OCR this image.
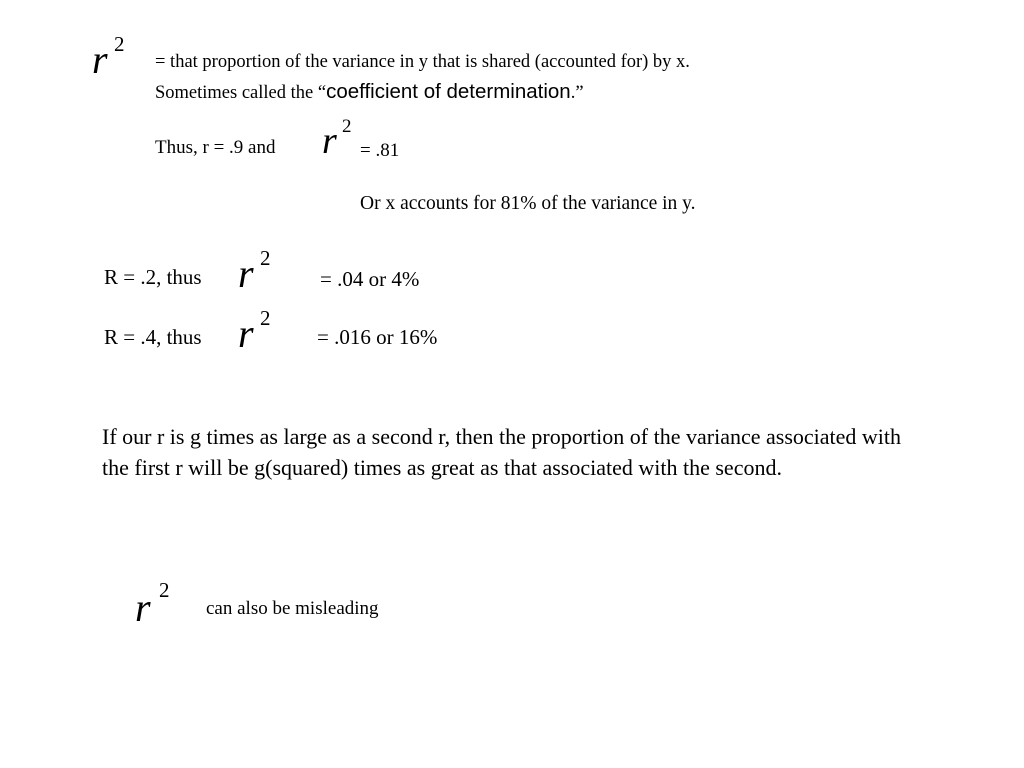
r 2
= that proportion of the variance in y that is shared (accounted for) by x.
Sometimes called the “coefficient of determination.”
Thus, r = .9 and r 2
= .81
Or x accounts for 81% of the variance in y.
R = .2, thus r 2
= .04 or 4%
R = .4, thus r 2
= .016 or 16%
If our r is g times as large as a second r, then the proportion of the variance associated with the first r will be g(squared) times as great as that associated with the second.
r 2
can also be misleading
